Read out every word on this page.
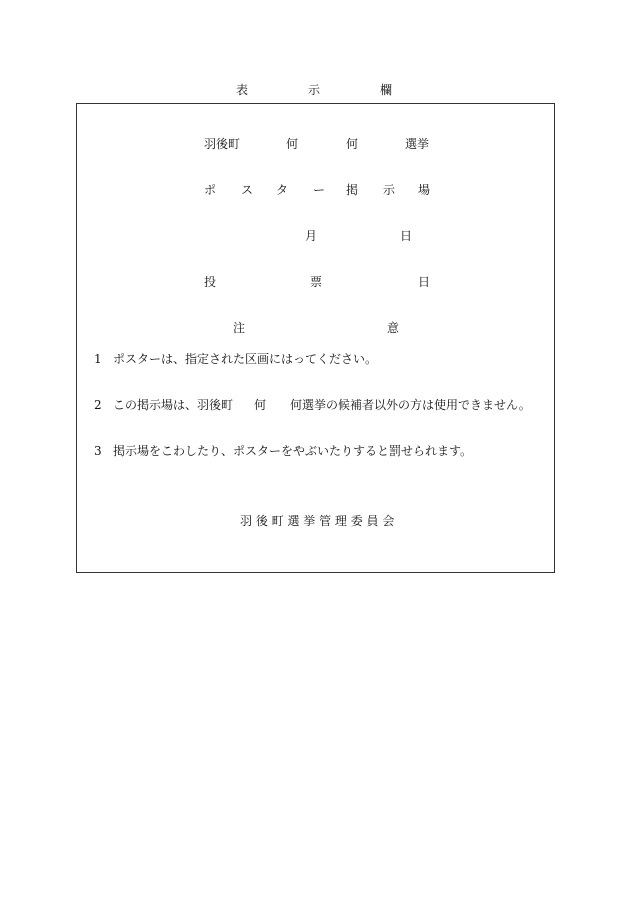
表	示	欄
羽後町	何	何	選挙
ポ ス タ ー 掲 示 場
月	日
投	票	日
注	意
1 ポスターは、指定された区画にはってください。
2 この掲示場は、羽後町 何 何選挙の候補者以外の方は使用できません。
3 掲示場をこわしたり、ポスターをやぶいたりすると罰せられます。
羽 後 町 選 挙 管 理 委 員 会
